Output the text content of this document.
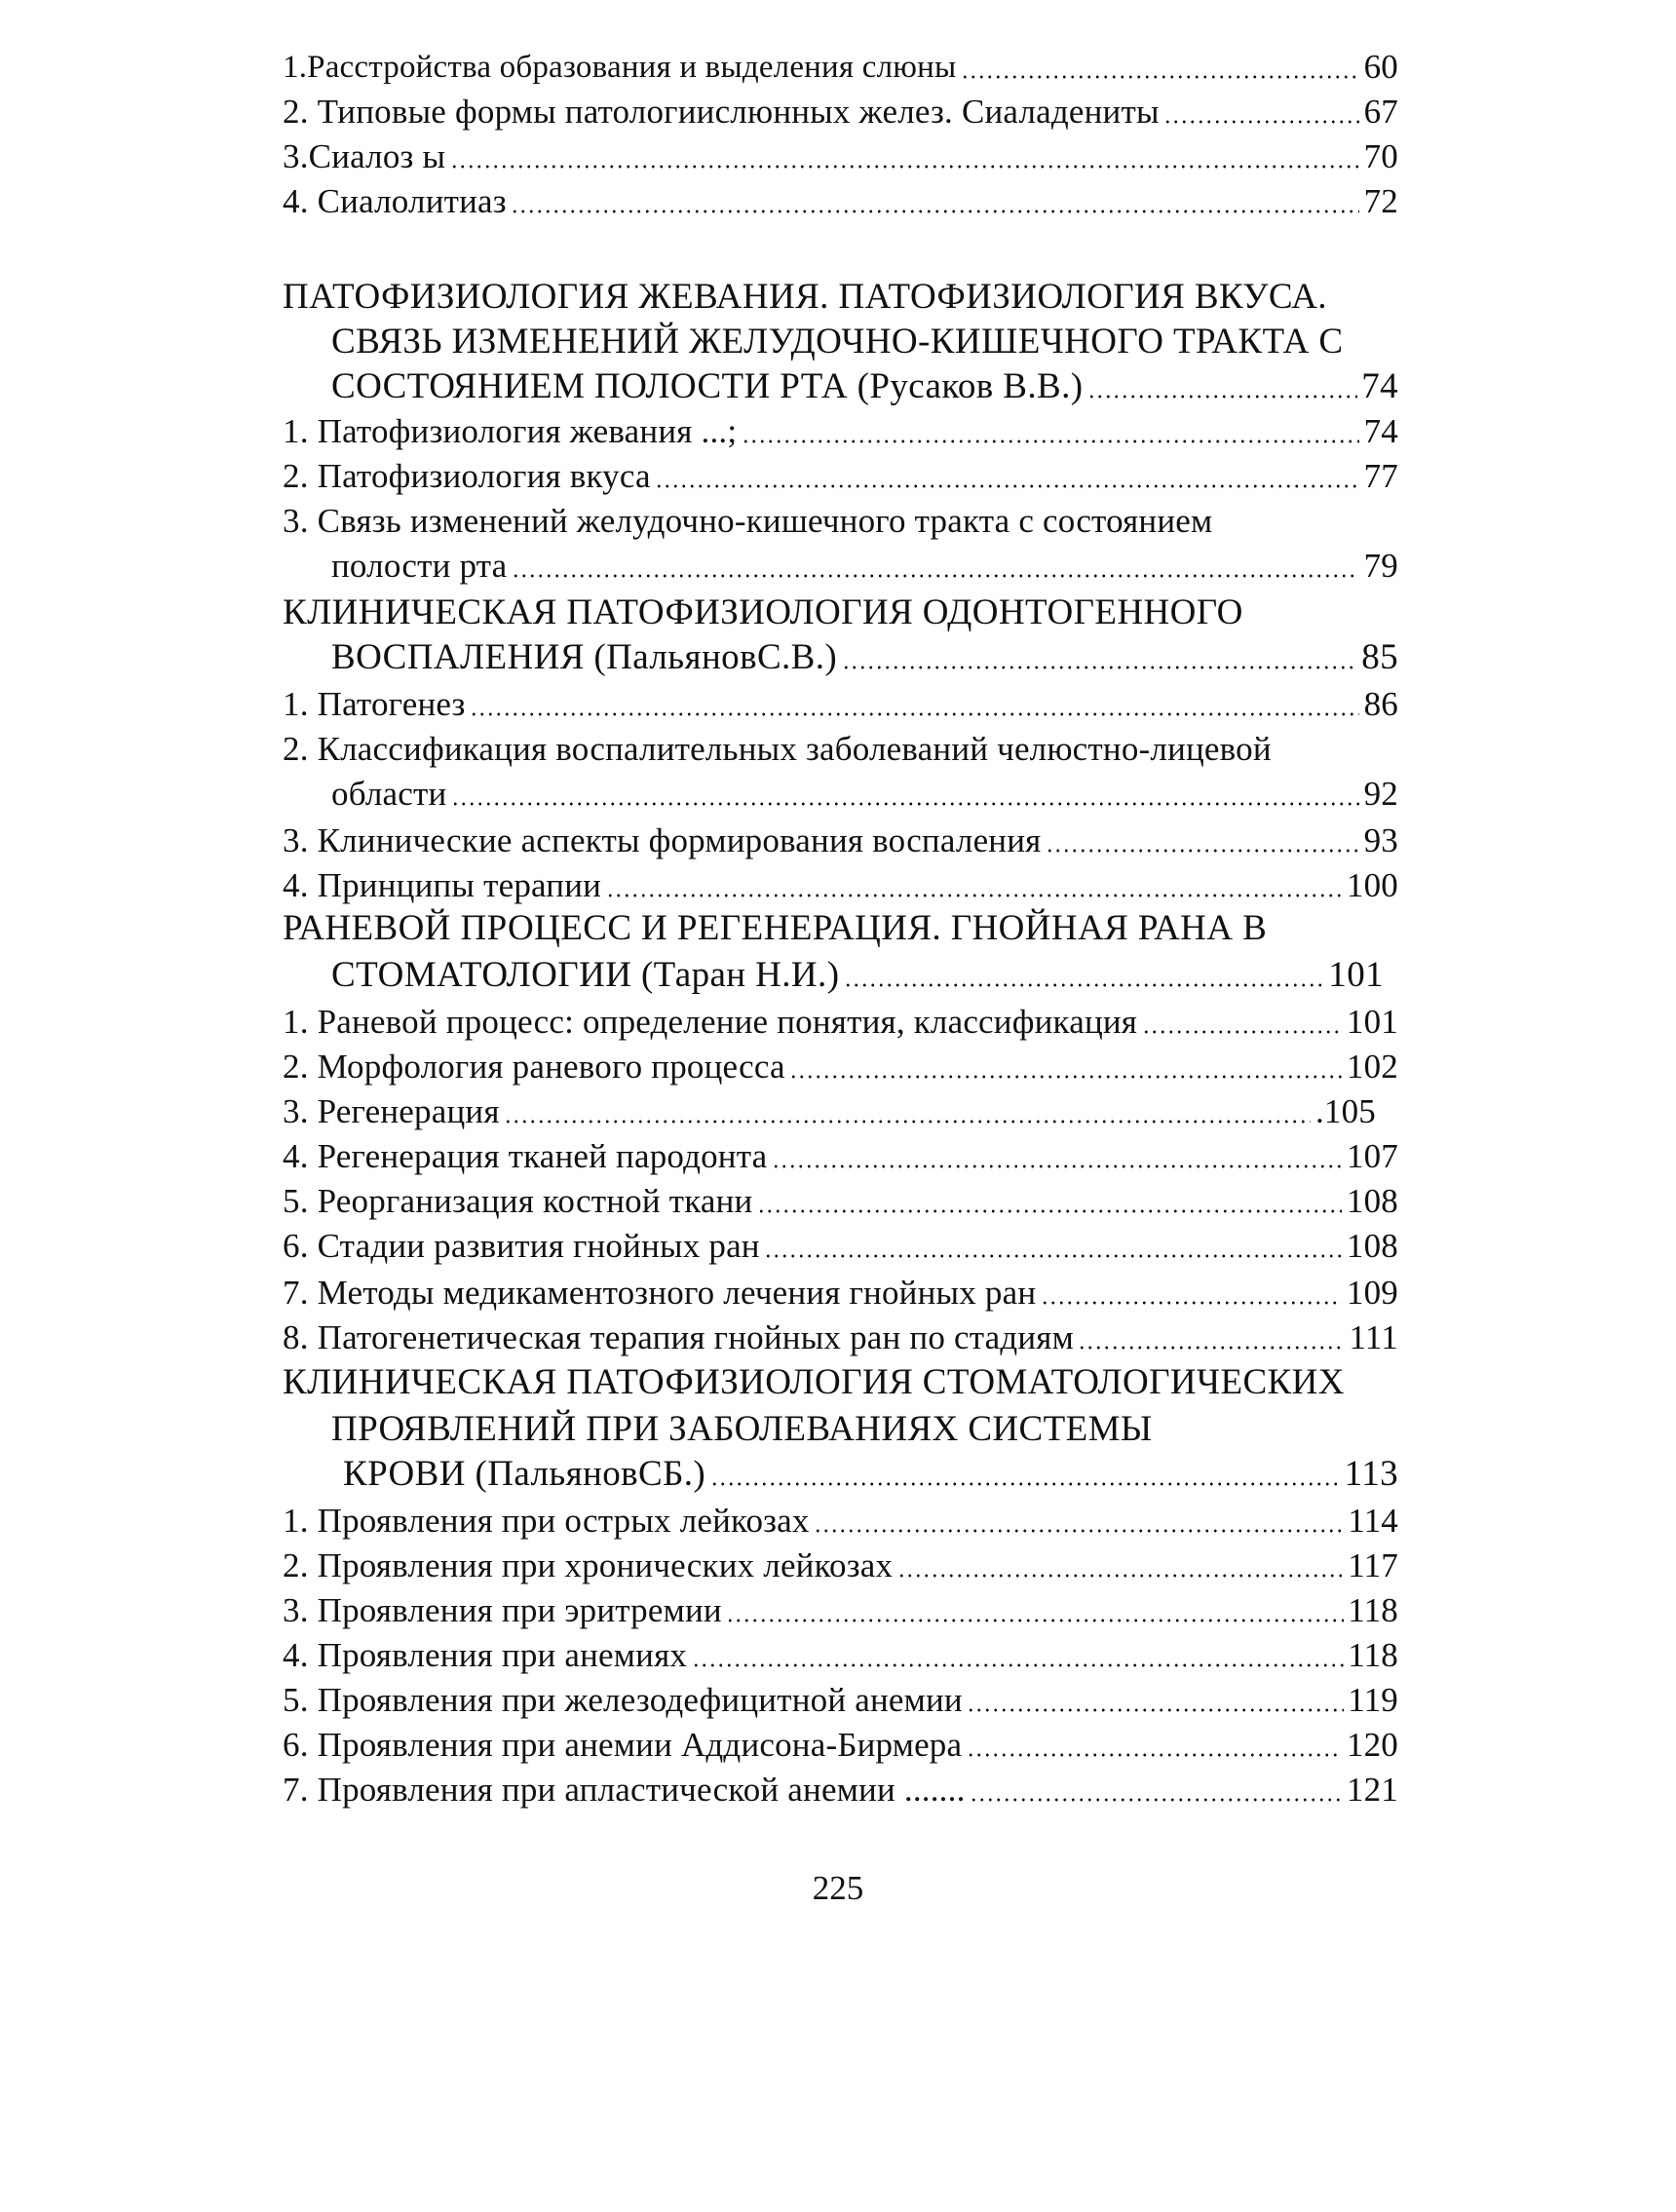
1.Расстройства образования и выделения слюны	60
2. Типовые формы патологиислюнных желез. Сиаладениты	67
3.Сиалоз ы	70
4. Сиалолитиаз	72
ПАТОФИЗИОЛОГИЯ ЖЕВАНИЯ. ПАТОФИЗИОЛОГИЯ ВКУСА.
СВЯЗЬ ИЗМЕНЕНИЙ ЖЕЛУДОЧНО-КИШЕЧНОГО ТРАКТА С
СОСТОЯНИЕМ ПОЛОСТИ РТА (Русаков В.В.)	74
1. Патофизиология жевания ...;	74
2. Патофизиология вкуса	77
3. Связь изменений желудочно-кишечного тракта с состоянием
полости рта	79
КЛИНИЧЕСКАЯ ПАТОФИЗИОЛОГИЯ ОДОНТОГЕННОГО
ВОСПАЛЕНИЯ (ПальяновС.В.)	85
1. Патогенез	86
2. Классификация воспалительных заболеваний челюстно-лицевой
области	92
3. Клинические аспекты формирования воспаления	93
4. Принципы терапии	100
РАНЕВОЙ ПРОЦЕСС И РЕГЕНЕРАЦИЯ. ГНОЙНАЯ РАНА В
СТОМАТОЛОГИИ (Таран Н.И.)	101
1. Раневой процесс: определение понятия, классификация	101
2. Морфология раневого процесса	102
3. Регенерация	.105
4. Регенерация тканей пародонта	107
5. Реорганизация костной ткани	108
6. Стадии развития гнойных ран	108
7. Методы медикаментозного лечения гнойных ран	109
8. Патогенетическая терапия гнойных ран по стадиям	111
КЛИНИЧЕСКАЯ ПАТОФИЗИОЛОГИЯ СТОМАТОЛОГИЧЕСКИХ
ПРОЯВЛЕНИЙ ПРИ ЗАБОЛЕВАНИЯХ СИСТЕМЫ
КРОВИ (ПальяновСБ.)	113
1. Проявления при острых лейкозах	114
2. Проявления при хронических лейкозах	117
3. Проявления при эритремии	118
4. Проявления при анемиях	118
5. Проявления при железодефицитной анемии	119
6. Проявления при анемии Аддисона-Бирмера	120
7. Проявления при апластической анемии .......	121
225
